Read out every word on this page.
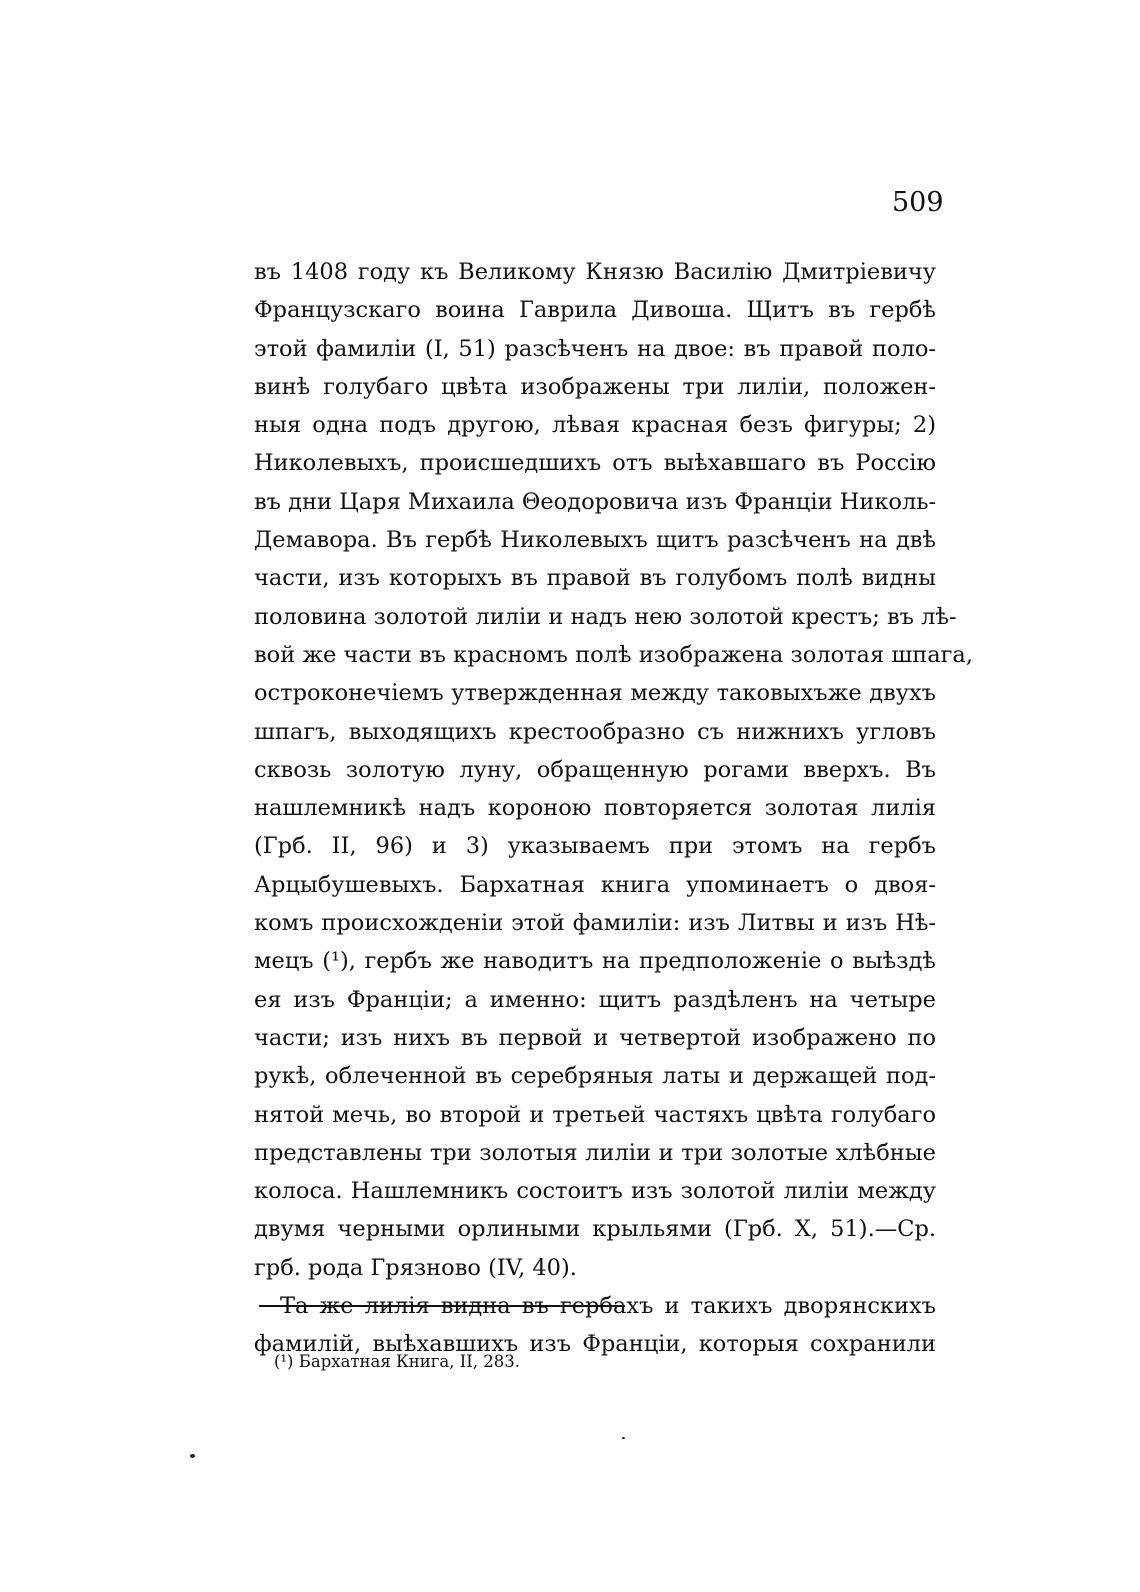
509
въ 1408 году къ Великому Князю Василію Дмитріевичу
Французскаго воина Гаврила Дивоша. Щитъ въ гербѣ
этой фамиліи (I, 51) разсѣченъ на двое: въ правой поло-
винѣ голубаго цвѣта изображены три лиліи, положен-
ныя одна подъ другою, лѣвая красная безъ фигуры; 2)
Николевыхъ, происшедшихъ отъ выѣхавшаго въ Россію
въ дни Царя Михаила Θеодоровича изъ Франціи Николь-
Демавора. Въ гербѣ Николевыхъ щитъ разсѣченъ на двѣ
части, изъ которыхъ въ правой въ голубомъ полѣ видны
половина золотой лиліи и надъ нею золотой крестъ; въ лѣ-
вой же части въ красномъ полѣ изображена золотая шпага,
остроконечіемъ утвержденная между таковыхъже двухъ
шпагъ, выходящихъ крестообразно съ нижнихъ угловъ
сквозь золотую луну, обращенную рогами вверхъ. Въ
нашлемникѣ надъ короною повторяется золотая лилія
(Грб. II, 96) и 3) указываемъ при этомъ на гербъ
Арцыбушевыхъ. Бархатная книга упоминаетъ о двоя-
комъ происхожденіи этой фамиліи: изъ Литвы и изъ Нѣ-
мецъ (¹), гербъ же наводитъ на предположеніе о выѣздѣ
ея изъ Франціи; а именно: щитъ раздѣленъ на четыре
части; изъ нихъ въ первой и четвертой изображено по
рукѣ, облеченной въ серебряныя латы и держащей под-
нятой мечь, во второй и третьей частяхъ цвѣта голубаго
представлены три золотыя лиліи и три золотые хлѣбные
колоса. Нашлемникъ состоитъ изъ золотой лиліи между
двумя черными орлиными крыльями (Грб. X, 51).—Ср.
грб. рода Грязново (IV, 40).
Та же лилія видна въ гербахъ и такихъ дворянскихъ
фамилій, выѣхавшихъ изъ Франціи, которыя сохранили
(¹) Бархатная Книга, II, 283.
